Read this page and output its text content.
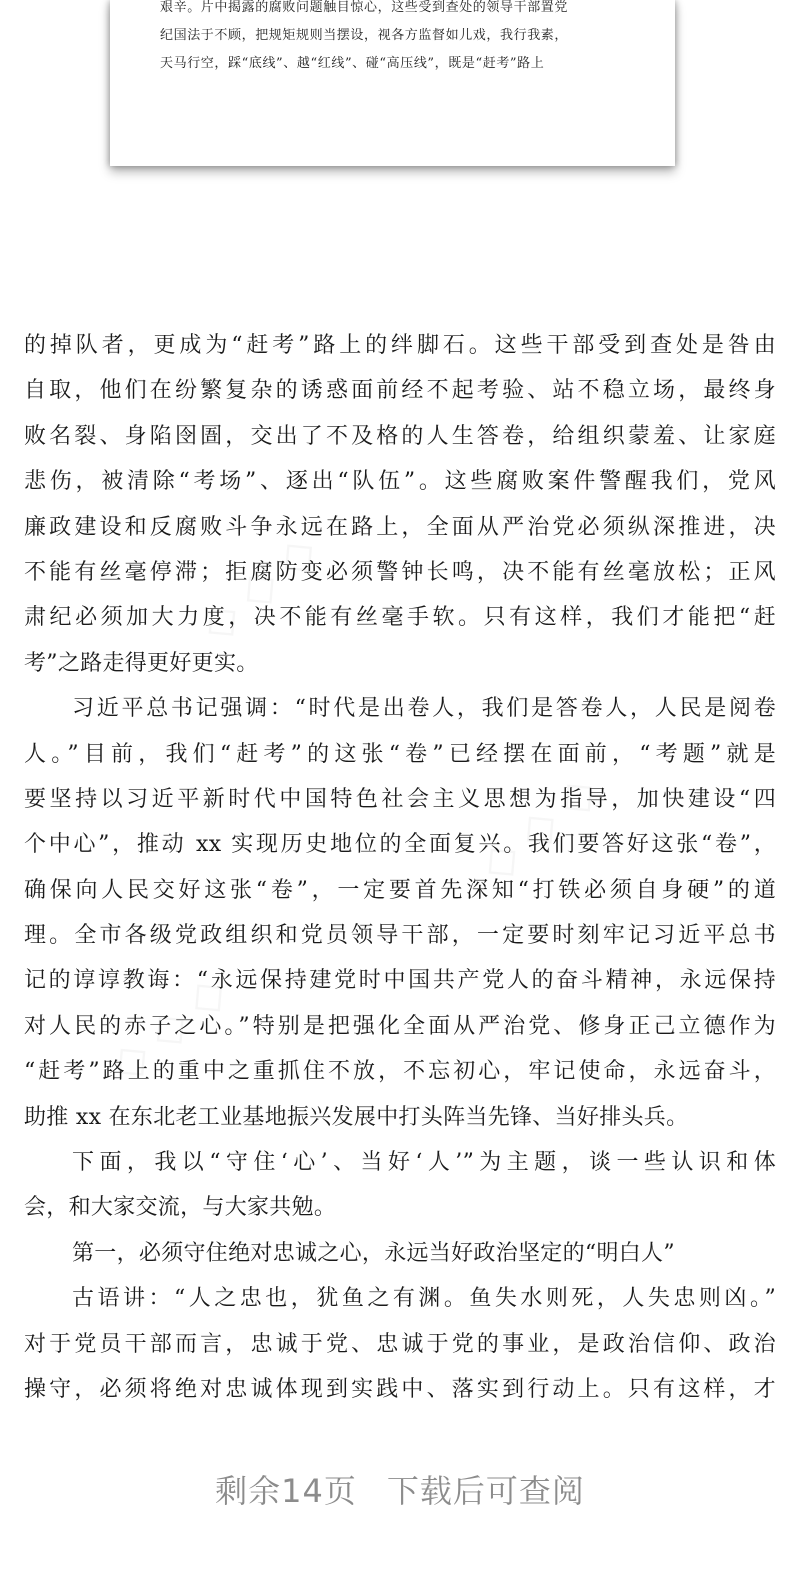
艰辛。片中揭露的腐败问题触目惊心，这些受到查处的领导干部置党
纪国法于不顾，把规矩规则当摆设，视各方监督如儿戏，我行我素，
天马行空，踩“底线”、越“红线”、碰“高压线”，既是“赶考”路上
的掉队者，更成为“赶考”路上的绊脚石。这些干部受到查处是咎由
自取，他们在纷繁复杂的诱惑面前经不起考验、站不稳立场，最终身
败名裂、身陷囹圄，交出了不及格的人生答卷，给组织蒙羞、让家庭
悲伤，被清除“考场”、逐出“队伍”。这些腐败案件警醒我们，党风
廉政建设和反腐败斗争永远在路上，全面从严治党必须纵深推进，决
不能有丝毫停滞；拒腐防变必须警钟长鸣，决不能有丝毫放松；正风
肃纪必须加大力度，决不能有丝毫手软。只有这样，我们才能把“赶
考”之路走得更好更实。
习近平总书记强调：“时代是出卷人，我们是答卷人，人民是阅卷
人。”目前，我们“赶考”的这张“卷”已经摆在面前，“考题”就是
要坚持以习近平新时代中国特色社会主义思想为指导，加快建设“四
个中心”，推动 xx 实现历史地位的全面复兴。我们要答好这张“卷”，
确保向人民交好这张“卷”，一定要首先深知“打铁必须自身硬”的道
理。全市各级党政组织和党员领导干部，一定要时刻牢记习近平总书
记的谆谆教诲：“永远保持建党时中国共产党人的奋斗精神，永远保持
对人民的赤子之心。”特别是把强化全面从严治党、修身正己立德作为
“赶考”路上的重中之重抓住不放，不忘初心，牢记使命，永远奋斗，
助推 xx 在东北老工业基地振兴发展中打头阵当先锋、当好排头兵。
下面，我以“守住‘心’、当好‘人’”为主题，谈一些认识和体
会，和大家交流，与大家共勉。
第一，必须守住绝对忠诚之心，永远当好政治坚定的“明白人”
古语讲：“人之忠也，犹鱼之有渊。鱼失水则死，人失忠则凶。”
对于党员干部而言，忠诚于党、忠诚于党的事业，是政治信仰、政治
操守，必须将绝对忠诚体现到实践中、落实到行动上。只有这样，才
剩余14页 下载后可查阅
